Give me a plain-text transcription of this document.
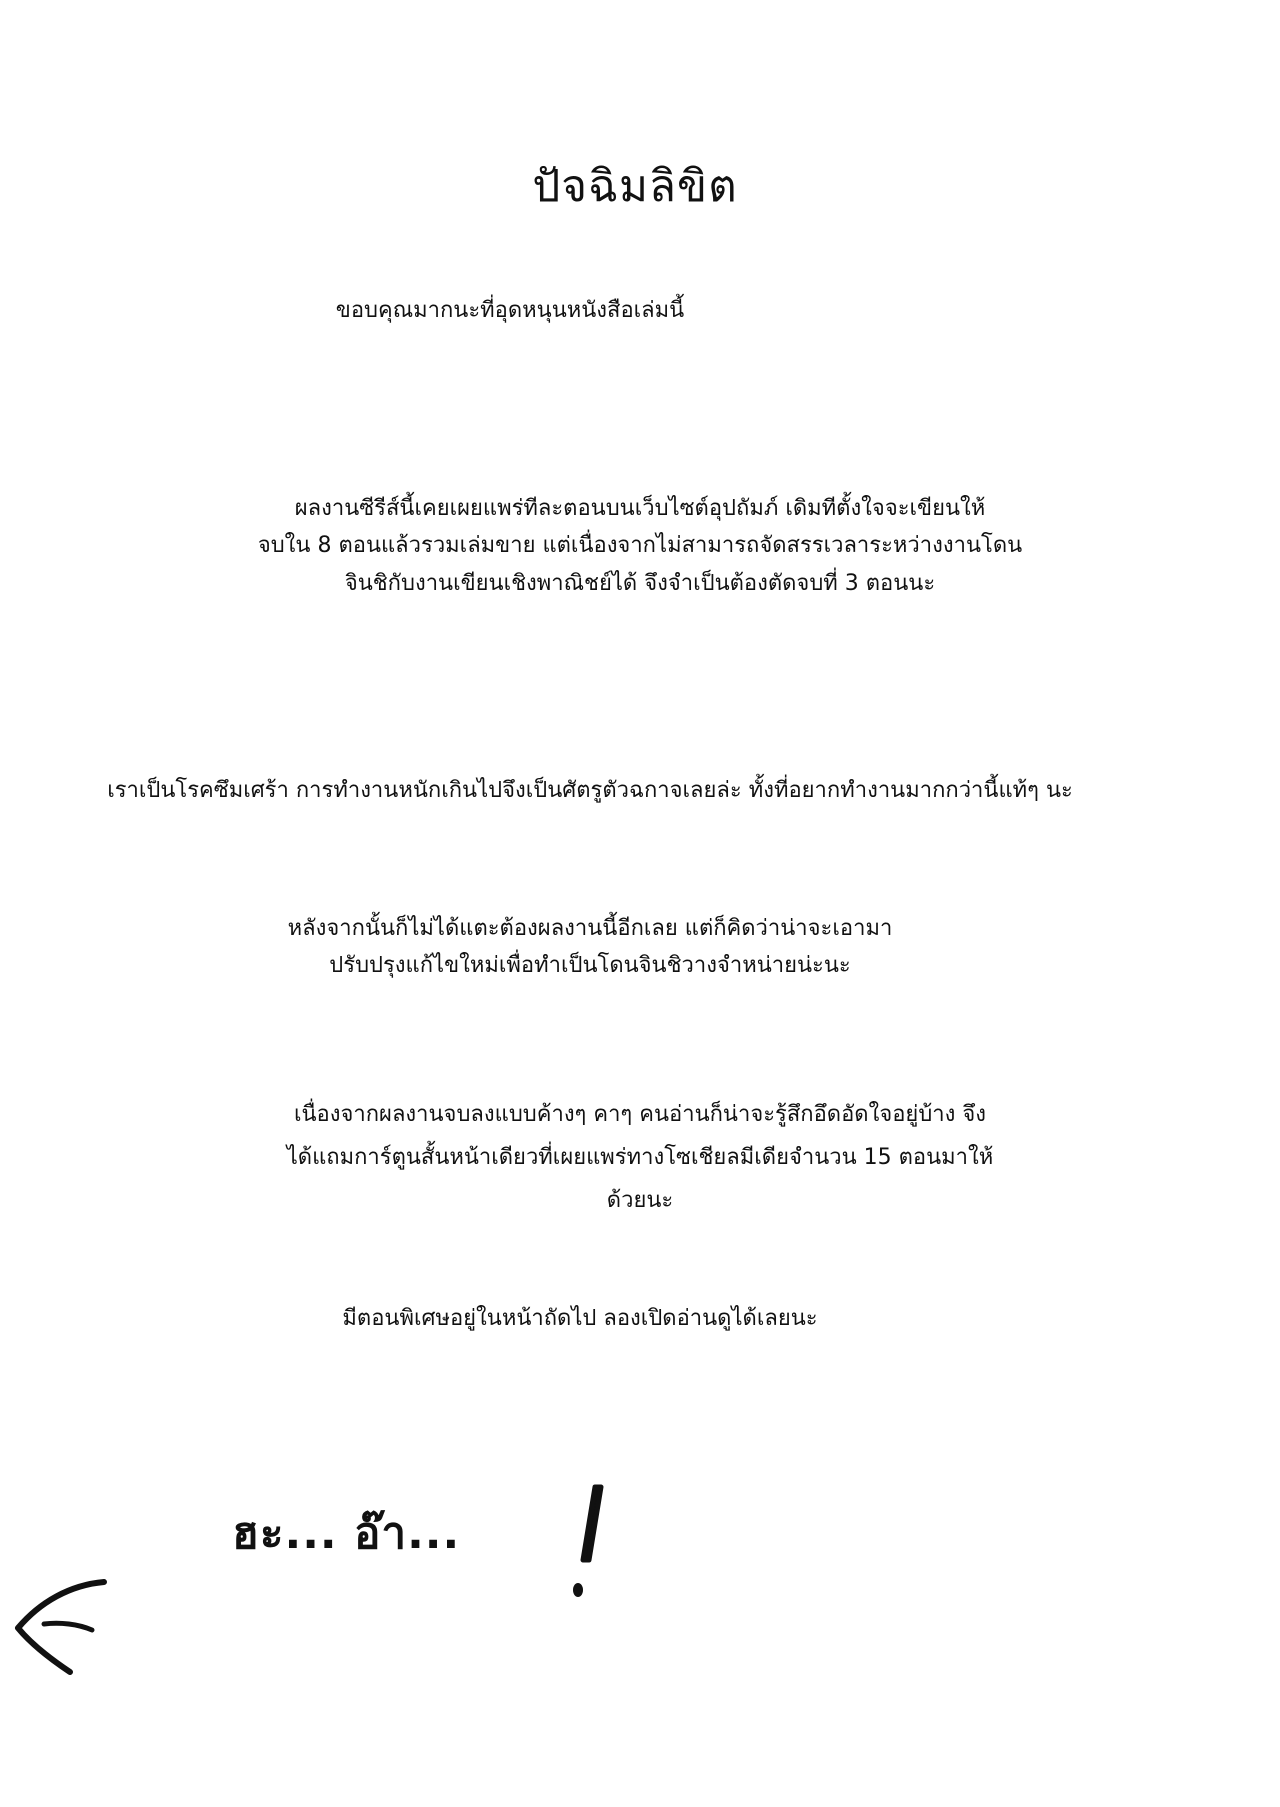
ปัจฉิมลิขิต
ขอบคุณมากนะที่อุดหนุนหนังสือเล่มนี้
ผลงานซีรีส์นี้เคยเผยแพร่ทีละตอนบนเว็บไซต์อุปถัมภ์ เดิมทีตั้งใจจะเขียนให้
จบใน 8 ตอนแล้วรวมเล่มขาย แต่เนื่องจากไม่สามารถจัดสรรเวลาระหว่างงานโดน
จินชิกับงานเขียนเชิงพาณิชย์ได้ จึงจำเป็นต้องตัดจบที่ 3 ตอนนะ
เราเป็นโรคซึมเศร้า การทำงานหนักเกินไปจึงเป็นศัตรูตัวฉกาจเลยล่ะ ทั้งที่อยากทำงานมากกว่านี้แท้ๆ นะ
หลังจากนั้นก็ไม่ได้แตะต้องผลงานนี้อีกเลย แต่ก็คิดว่าน่าจะเอามา
ปรับปรุงแก้ไขใหม่เพื่อทำเป็นโดนจินชิวางจำหน่ายน่ะนะ
เนื่องจากผลงานจบลงแบบค้างๆ คาๆ คนอ่านก็น่าจะรู้สึกอึดอัดใจอยู่บ้าง จึง
ได้แถมการ์ตูนสั้นหน้าเดียวที่เผยแพร่ทางโซเชียลมีเดียจำนวน 15 ตอนมาให้
ด้วยนะ
มีตอนพิเศษอยู่ในหน้าถัดไป ลองเปิดอ่านดูได้เลยนะ
ฮะ... อ๊า...
